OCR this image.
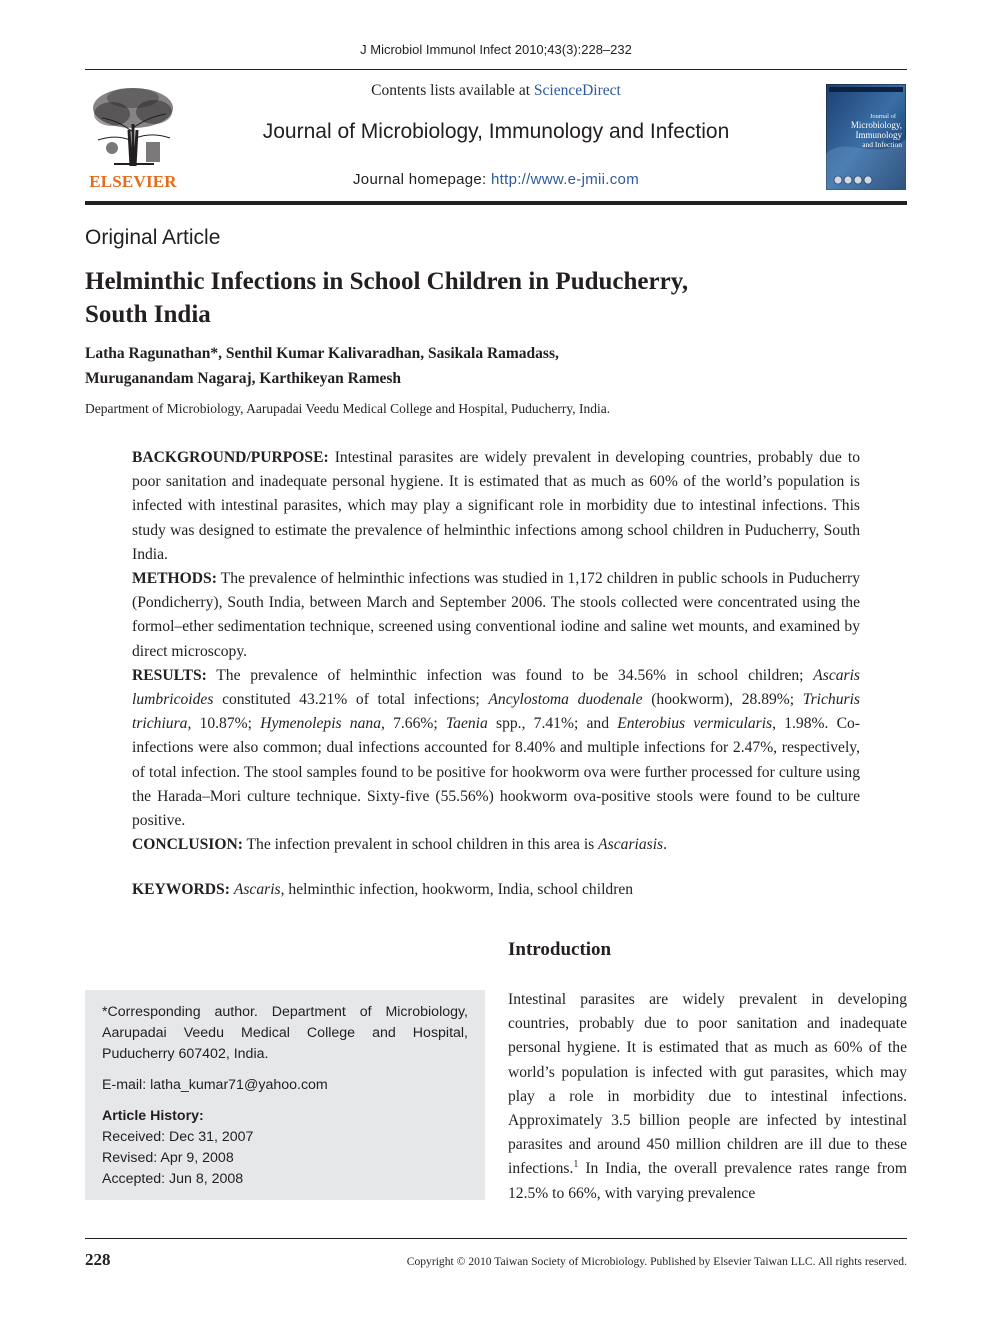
J Microbiol Immunol Infect 2010;43(3):228–232
ELSEVIER
Contents lists available at ScienceDirect
Journal of Microbiology, Immunology and Infection
Journal homepage: http://www.e-jmii.com
Journal of
Microbiology,
Immunology
and Infection
Original Article
Helminthic Infections in School Children in Puducherry,
South India
Latha Ragunathan*, Senthil Kumar Kalivaradhan, Sasikala Ramadass,
Muruganandam Nagaraj, Karthikeyan Ramesh
Department of Microbiology, Aarupadai Veedu Medical College and Hospital, Puducherry, India.

BACKGROUND/PURPOSE: Intestinal parasites are widely prevalent in developing countries, probably due to poor sanitation and inadequate personal hygiene. It is estimated that as much as 60% of the world’s population is infected with intestinal parasites, which may play a significant role in morbidity due to intestinal infections. This study was designed to estimate the prevalence of helminthic infections among school children in Puducherry, South India.

METHODS: The prevalence of helminthic infections was studied in 1,172 children in public schools in Puducherry (Pondicherry), South India, between March and September 2006. The stools collected were concentrated using the formol–ether sedimentation technique, screened using conventional iodine and saline wet mounts, and examined by direct microscopy.

RESULTS: The prevalence of helminthic infection was found to be 34.56% in school children; Ascaris lumbricoides constituted 43.21% of total infections; Ancylostoma duodenale (hookworm), 28.89%; Trichuris trichiura, 10.87%; Hymenolepis nana, 7.66%; Taenia spp., 7.41%; and Enterobius vermicularis, 1.98%. Co-infections were also common; dual infections accounted for 8.40% and multiple infections for 2.47%, respectively, of total infection. The stool samples found to be positive for hookworm ova were further processed for culture using the Harada–Mori culture technique. Sixty-five (55.56%) hookworm ova-positive stools were found to be culture positive.

CONCLUSION: The infection prevalent in school children in this area is Ascariasis.

KEYWORDS: Ascaris, helminthic infection, hookworm, India, school children

*Corresponding author. Department of Microbiology, Aarupadai Veedu Medical College and Hospital, Puducherry 607402, India.

E-mail: latha_kumar71@yahoo.com

Article History:

Received: Dec 31, 2007

Revised: Apr 9, 2008

Accepted: Jun 8, 2008

Introduction
Intestinal parasites are widely prevalent in developing countries, probably due to poor sanitation and inadequate personal hygiene. It is estimated that as much as 60% of the world’s population is infected with gut parasites, which may play a role in morbidity due to intestinal infections. Approximately 3.5 billion people are infected by intestinal parasites and around 450 million children are ill due to these infections.$^1$ In India, the overall prevalence rates range from 12.5% to 66%, with varying prevalence
228	Copyright © 2010 Taiwan Society of Microbiology. Published by Elsevier Taiwan LLC. All rights reserved.
